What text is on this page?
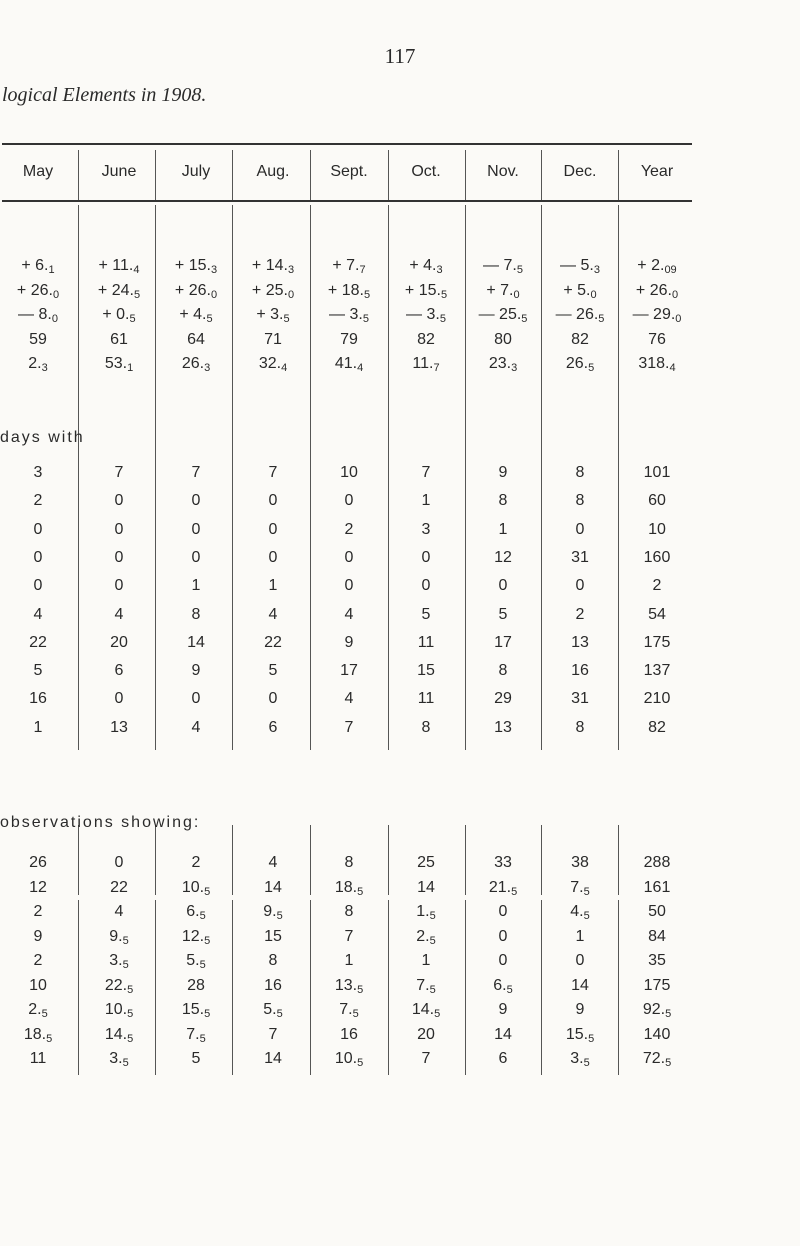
117
logical Elements in 1908.
May	June	July	Aug.	Sept.	Oct.	Nov.	Dec.	Year
+ $6._1$	+ $11._4$	+ $15._3$	+ $14._3$	+ $7._7$	+ $4._3$	— $7._5$	— $5._3$	+ $2._{09}$
+ $26._0$	+ $24._5$	+ $26._0$	+ $25._0$	+ $18._5$	+ $15._5$	+ $7._0$	+ $5._0$	+ $26._0$
— $8._0$	+ $0._5$	+ $4._5$	+ $3._5$	— $3._5$	— $3._5$	— $25._5$	— $26._5$	— $29._0$
59	61	64	71	79	82	80	82	76
$2._3$	$53._1$	$26._3$	$32._4$	$41._4$	$11._7$	$23._3$	$26._5$	$318._4$
days with
3	7	7	7	10	7	9	8	101
2	0	0	0	0	1	8	8	60
0	0	0	0	2	3	1	0	10
0	0	0	0	0	0	12	31	160
0	0	1	1	0	0	0	0	2
4	4	8	4	4	5	5	2	54
22	20	14	22	9	11	17	13	175
5	6	9	5	17	15	8	16	137
16	0	0	0	4	11	29	31	210
1	13	4	6	7	8	13	8	82
observations showing:
26	0	2	4	8	25	33	38	288
12	22	$10._5$	14	$18._5$	14	$21._5$	$7._5$	161
2	4	$6._5$	$9._5$	8	$1._5$	0	$4._5$	50
9	$9._5$	$12._5$	15	7	$2._5$	0	1	84
2	$3._5$	$5._5$	8	1	1	0	0	35
10	$22._5$	28	16	$13._5$	$7._5$	$6._5$	14	175
$2._5$	$10._5$	$15._5$	$5._5$	$7._5$	$14._5$	9	9	$92._5$
$18._5$	$14._5$	$7._5$	7	16	20	14	$15._5$	140
11	$3._5$	5	14	$10._5$	7	6	$3._5$	$72._5$
